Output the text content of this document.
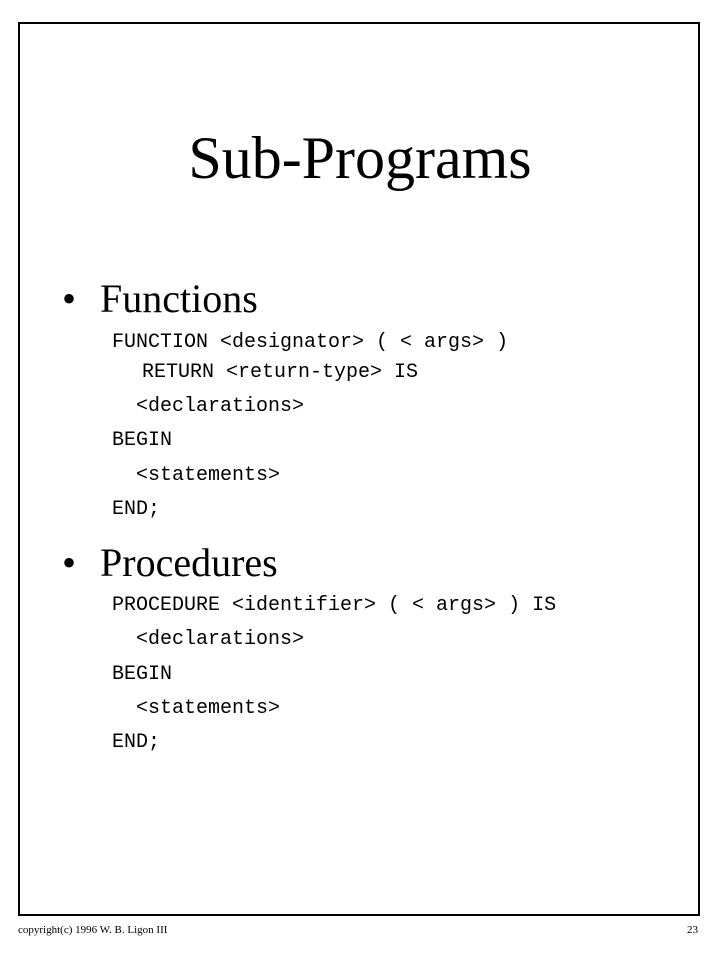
Sub-Programs
• Functions
FUNCTION <designator> ( < args> )
RETURN <return-type> IS
<declarations>
BEGIN
<statements>
END;
• Procedures
PROCEDURE <identifier> ( < args> ) IS
<declarations>
BEGIN
<statements>
END;
copyright(c) 1996 W. B. Ligon III	23
